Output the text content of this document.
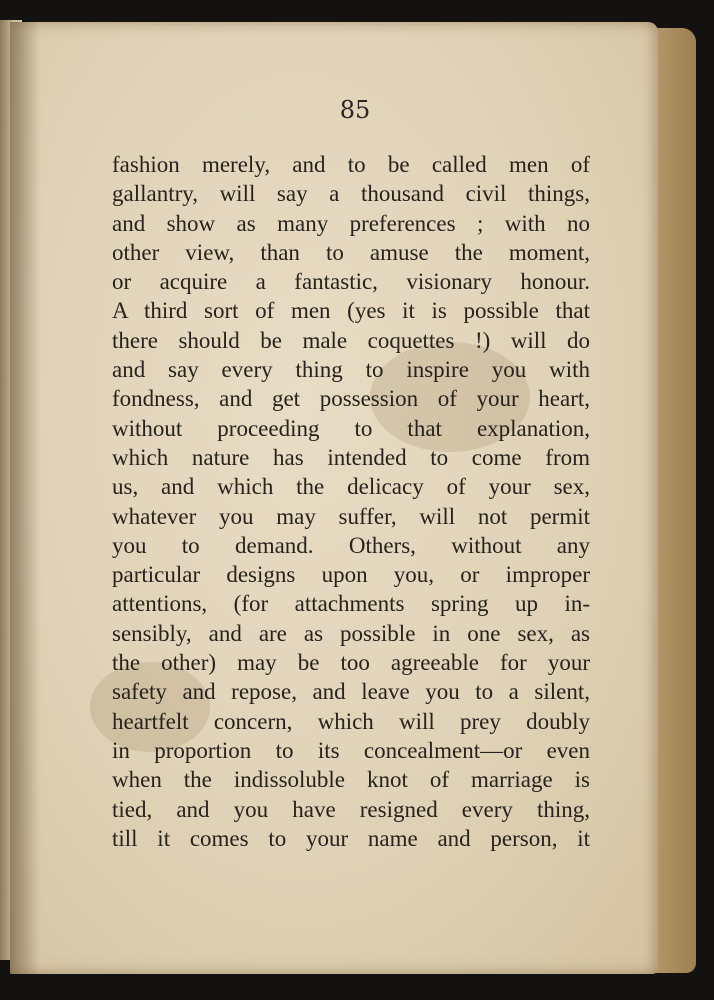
85
fashion merely, and to be called men of
gallantry, will say a thousand civil things,
and show as many preferences ; with no
other view, than to amuse the moment,
or acquire a fantastic, visionary honour.
A third sort of men (yes it is possible that
there should be male coquettes !) will do
and say every thing to inspire you with
fondness, and get possession of your heart,
without proceeding to that explanation,
which nature has intended to come from
us, and which the delicacy of your sex,
whatever you may suffer, will not permit
you to demand. Others, without any
particular designs upon you, or improper
attentions, (for attachments spring up in-
sensibly, and are as possible in one sex, as
the other) may be too agreeable for your
safety and repose, and leave you to a silent,
heartfelt concern, which will prey doubly
in proportion to its concealment—or even
when the indissoluble knot of marriage is
tied, and you have resigned every thing,
till it comes to your name and person, it
